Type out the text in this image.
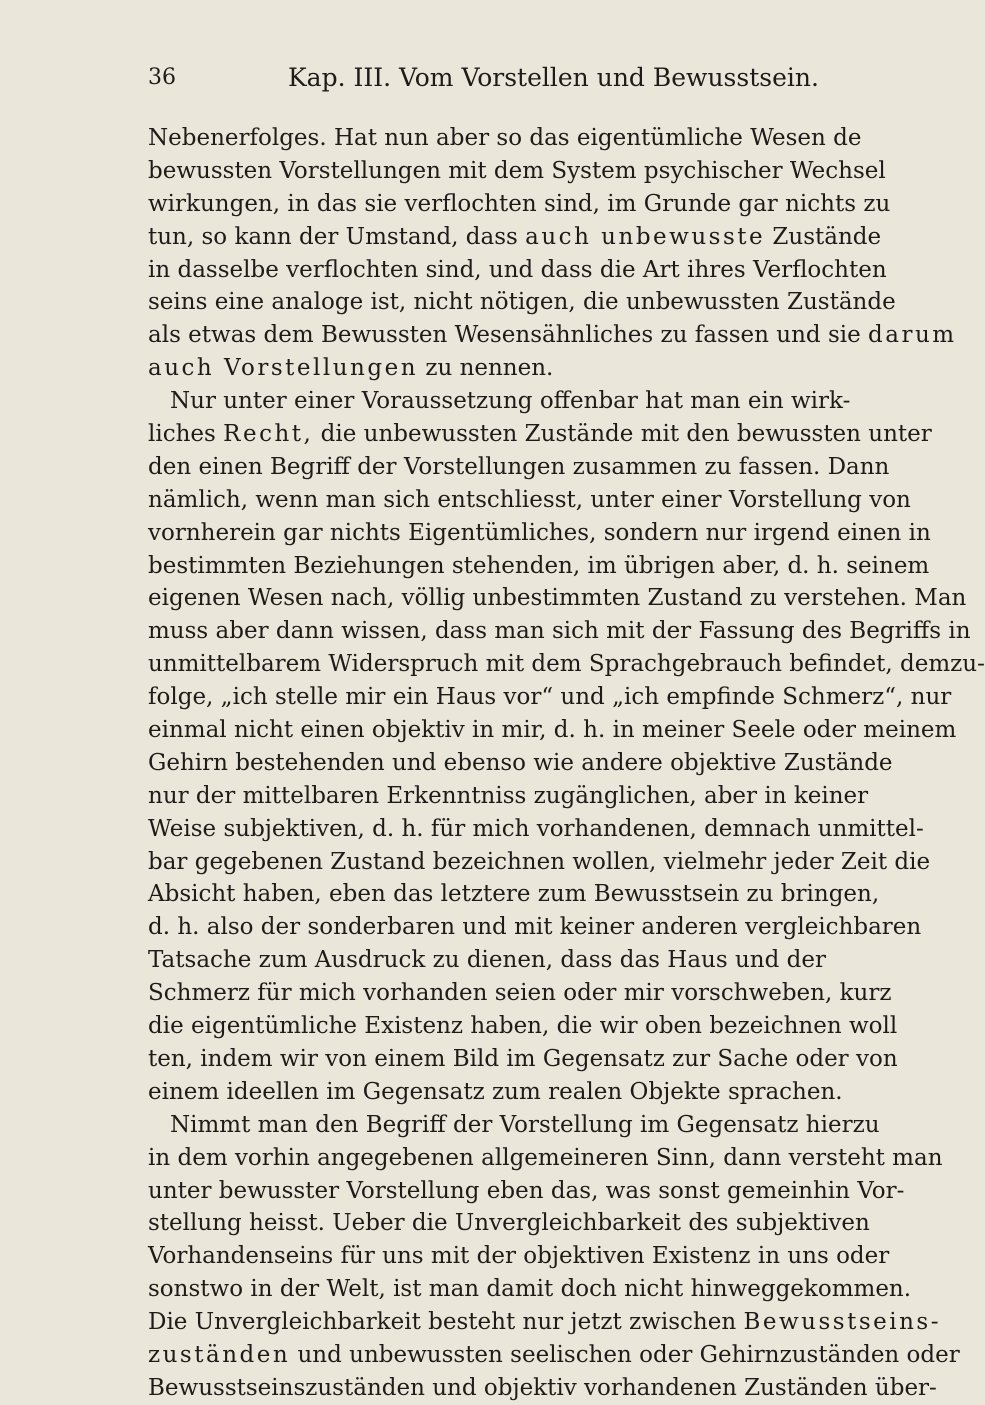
36	Kap. III. Vom Vorstellen und Bewusstsein.
Nebenerfolges. Hat nun aber so das eigentümliche Wesen de
bewussten Vorstellungen mit dem System psychischer Wechsel
wirkungen, in das sie verflochten sind, im Grunde gar nichts zu
tun, so kann der Umstand, dass auch unbewusste Zustände
in dasselbe verflochten sind, und dass die Art ihres Verflochten
seins eine analoge ist, nicht nötigen, die unbewussten Zustände
als etwas dem Bewussten Wesensähnliches zu fassen und sie darum
auch Vorstellungen zu nennen.
Nur unter einer Voraussetzung offenbar hat man ein wirk-
liches Recht, die unbewussten Zustände mit den bewussten unter
den einen Begriff der Vorstellungen zusammen zu fassen. Dann
nämlich, wenn man sich entschliesst, unter einer Vorstellung von
vornherein gar nichts Eigentümliches, sondern nur irgend einen in
bestimmten Beziehungen stehenden, im übrigen aber, d. h. seinem
eigenen Wesen nach, völlig unbestimmten Zustand zu verstehen. Man
muss aber dann wissen, dass man sich mit der Fassung des Begriffs in
unmittelbarem Widerspruch mit dem Sprachgebrauch befindet, demzu-
folge, „ich stelle mir ein Haus vor“ und „ich empfinde Schmerz“, nur
einmal nicht einen objektiv in mir, d. h. in meiner Seele oder meinem
Gehirn bestehenden und ebenso wie andere objektive Zustände
nur der mittelbaren Erkenntniss zugänglichen, aber in keiner
Weise subjektiven, d. h. für mich vorhandenen, demnach unmittel-
bar gegebenen Zustand bezeichnen wollen, vielmehr jeder Zeit die
Absicht haben, eben das letztere zum Bewusstsein zu bringen,
d. h. also der sonderbaren und mit keiner anderen vergleichbaren
Tatsache zum Ausdruck zu dienen, dass das Haus und der
Schmerz für mich vorhanden seien oder mir vorschweben, kurz
die eigentümliche Existenz haben, die wir oben bezeichnen woll
ten, indem wir von einem Bild im Gegensatz zur Sache oder von
einem ideellen im Gegensatz zum realen Objekte sprachen.
Nimmt man den Begriff der Vorstellung im Gegensatz hierzu
in dem vorhin angegebenen allgemeineren Sinn, dann versteht man
unter bewusster Vorstellung eben das, was sonst gemeinhin Vor-
stellung heisst. Ueber die Unvergleichbarkeit des subjektiven
Vorhandenseins für uns mit der objektiven Existenz in uns oder
sonstwo in der Welt, ist man damit doch nicht hinweggekommen.
Die Unvergleichbarkeit besteht nur jetzt zwischen Bewusstseins-
zuständen und unbewussten seelischen oder Gehirnzuständen oder
Bewusstseinszuständen und objektiv vorhandenen Zuständen über-
